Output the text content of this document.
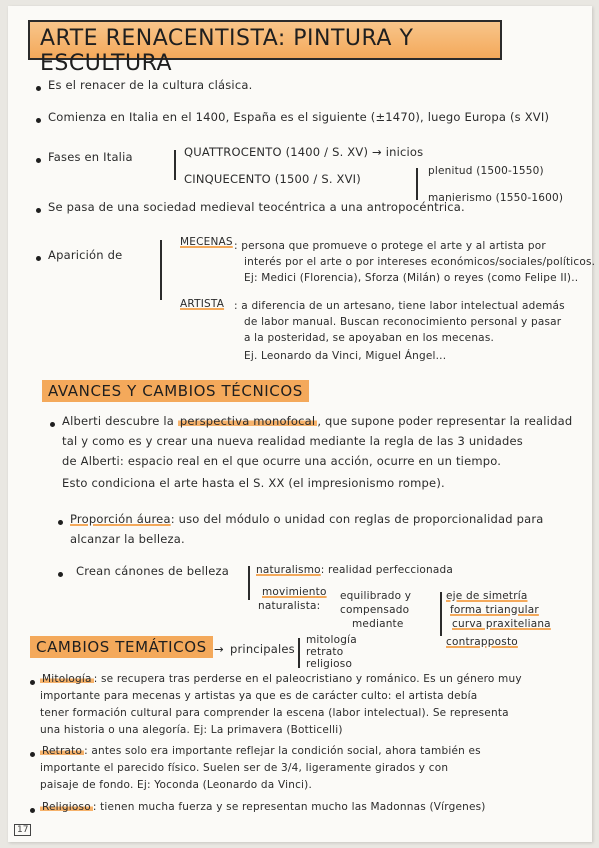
ARTE RENACENTISTA: PINTURA Y ESCULTURA
Es el renacer de la cultura clásica.
Comienza en Italia en el 1400, España es el siguiente (±1470), luego Europa (s XVI)
Fases en Italia	QUATTROCENTO (1400 / S. XV) → inicios
CINQUECENTO (1500 / S. XVI)
plenitud (1500-1550)
manierismo (1550-1600)
Se pasa de una sociedad medieval teocéntrica a una antropocéntrica.
Aparición de
MECENAS : persona que promueve o protege el arte y al artista por
interés por el arte o por intereses económicos/sociales/políticos.
Ej: Medici (Florencia), Sforza (Milán) o reyes (como Felipe II)..
ARTISTA : a diferencia de un artesano, tiene labor intelectual además
de labor manual. Buscan reconocimiento personal y pasar
a la posteridad, se apoyaban en los mecenas.
Ej. Leonardo da Vinci, Miguel Ángel...
AVANCES Y CAMBIOS TÉCNICOS
Alberti descubre la perspectiva monofocal , que supone poder representar la realidad
tal y como es y crear una nueva realidad mediante la regla de las 3 unidades
de Alberti: espacio real en el que ocurre una acción, ocurre en un tiempo.
Esto condiciona el arte hasta el S. XX (el impresionismo rompe).
Proporción áurea: uso del módulo o unidad con reglas de proporcionalidad para
alcanzar la belleza.
Crean cánones de belleza	naturalismo: realidad perfeccionada
movimiento
naturalista:
equilibrado y
compensado
mediante
eje de simetría
forma triangular
curva praxiteliana
contrapposto
CAMBIOS TEMÁTICOS → principales
mitología
retrato
religioso
Mitología : se recupera tras perderse en el paleocristiano y románico. Es un género muy
importante para mecenas y artistas ya que es de carácter culto: el artista debía
tener formación cultural para comprender la escena (labor intelectual). Se representa
una historia o una alegoría. Ej: La primavera (Botticelli)
Retrato : antes solo era importante reflejar la condición social, ahora también es
importante el parecido físico. Suelen ser de 3/4, ligeramente girados y con
paisaje de fondo. Ej: Yoconda (Leonardo da Vinci).
Religioso : tienen mucha fuerza y se representan mucho las Madonnas (Vírgenes)
17
